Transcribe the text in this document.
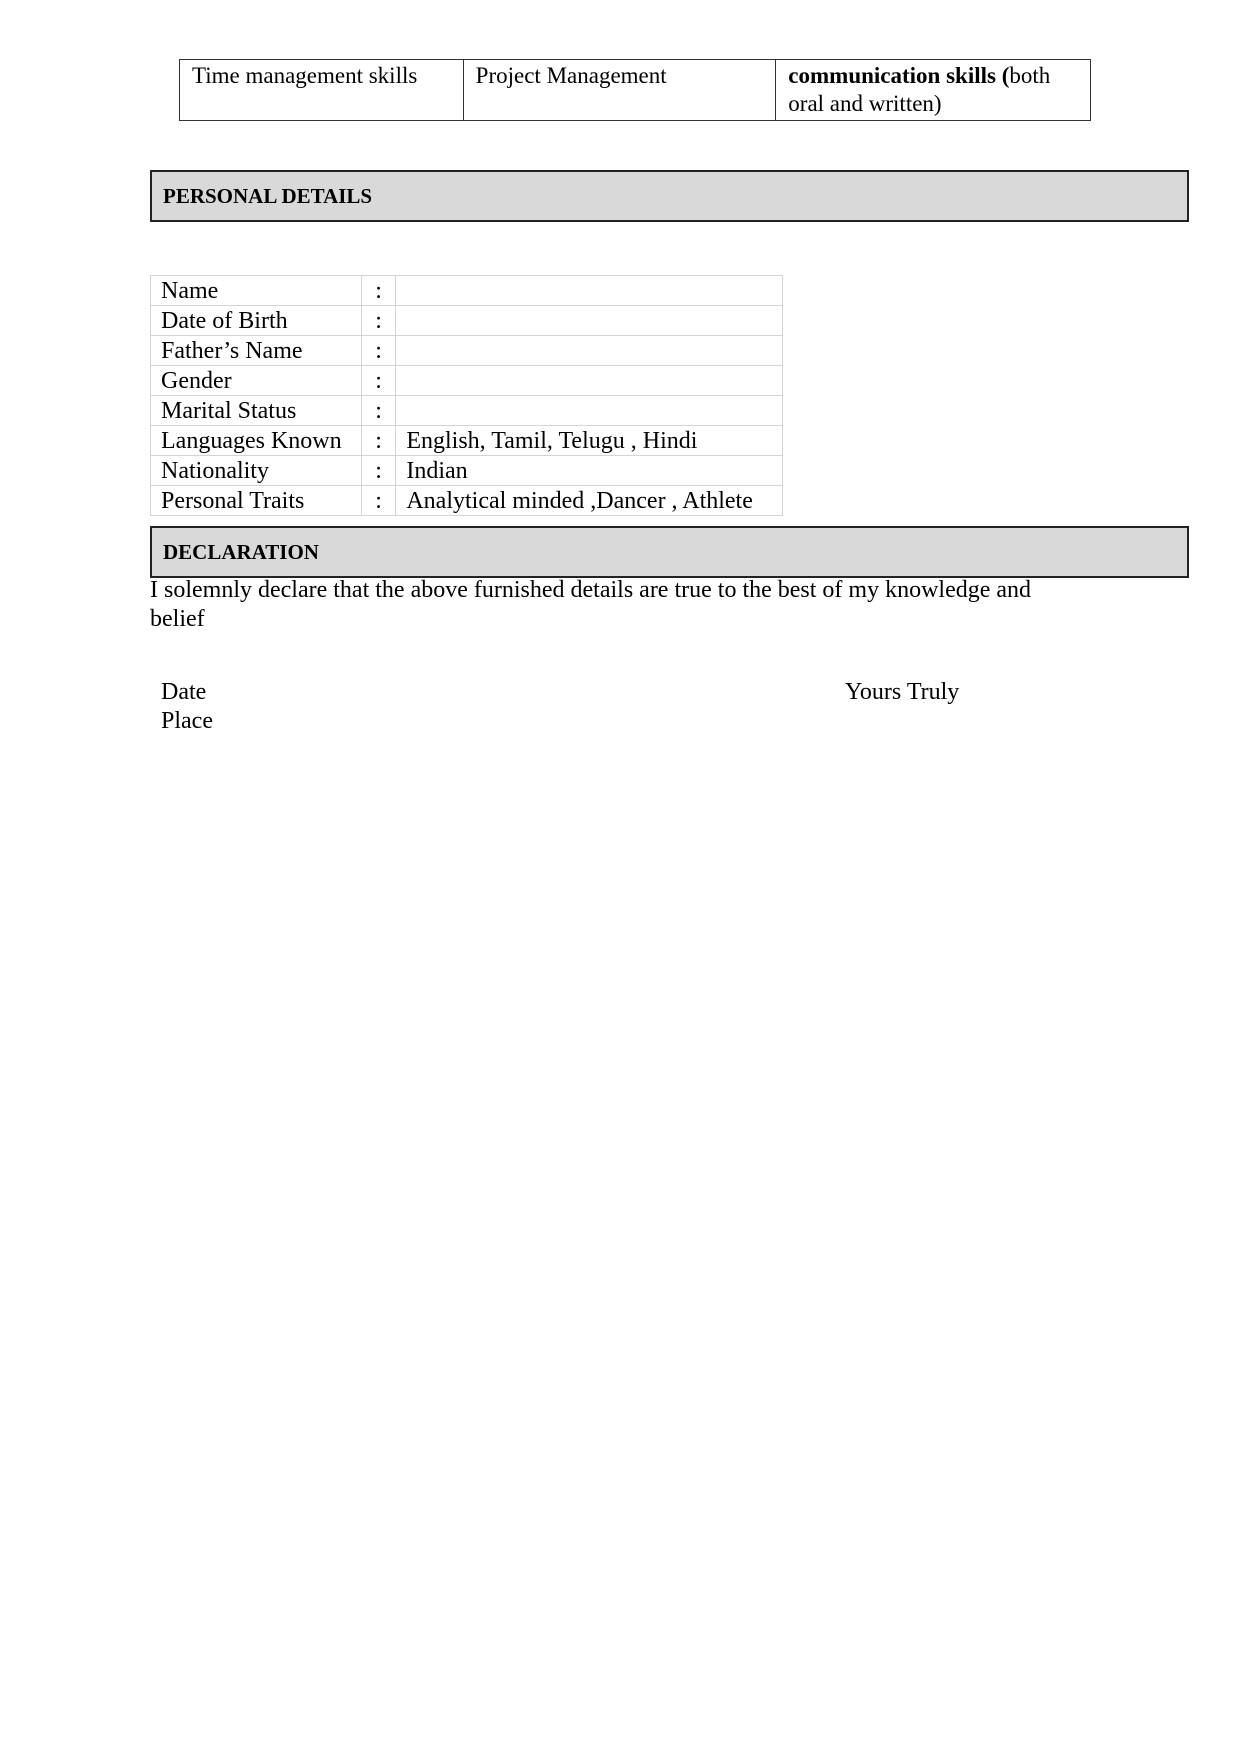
Time management skills	Project Management	communication skills (both oral and written)
PERSONAL DETAILS
Name	:	
Date of Birth	:	
Father’s Name	:	
Gender	:	
Marital Status	:	
Languages Known	:	English, Tamil, Telugu , Hindi
Nationality	:	Indian
Personal Traits	:	Analytical minded ,Dancer , Athlete
DECLARATION
I solemnly declare that the above furnished details are true to the best of my knowledge and belief
Date
Place
Yours Truly
